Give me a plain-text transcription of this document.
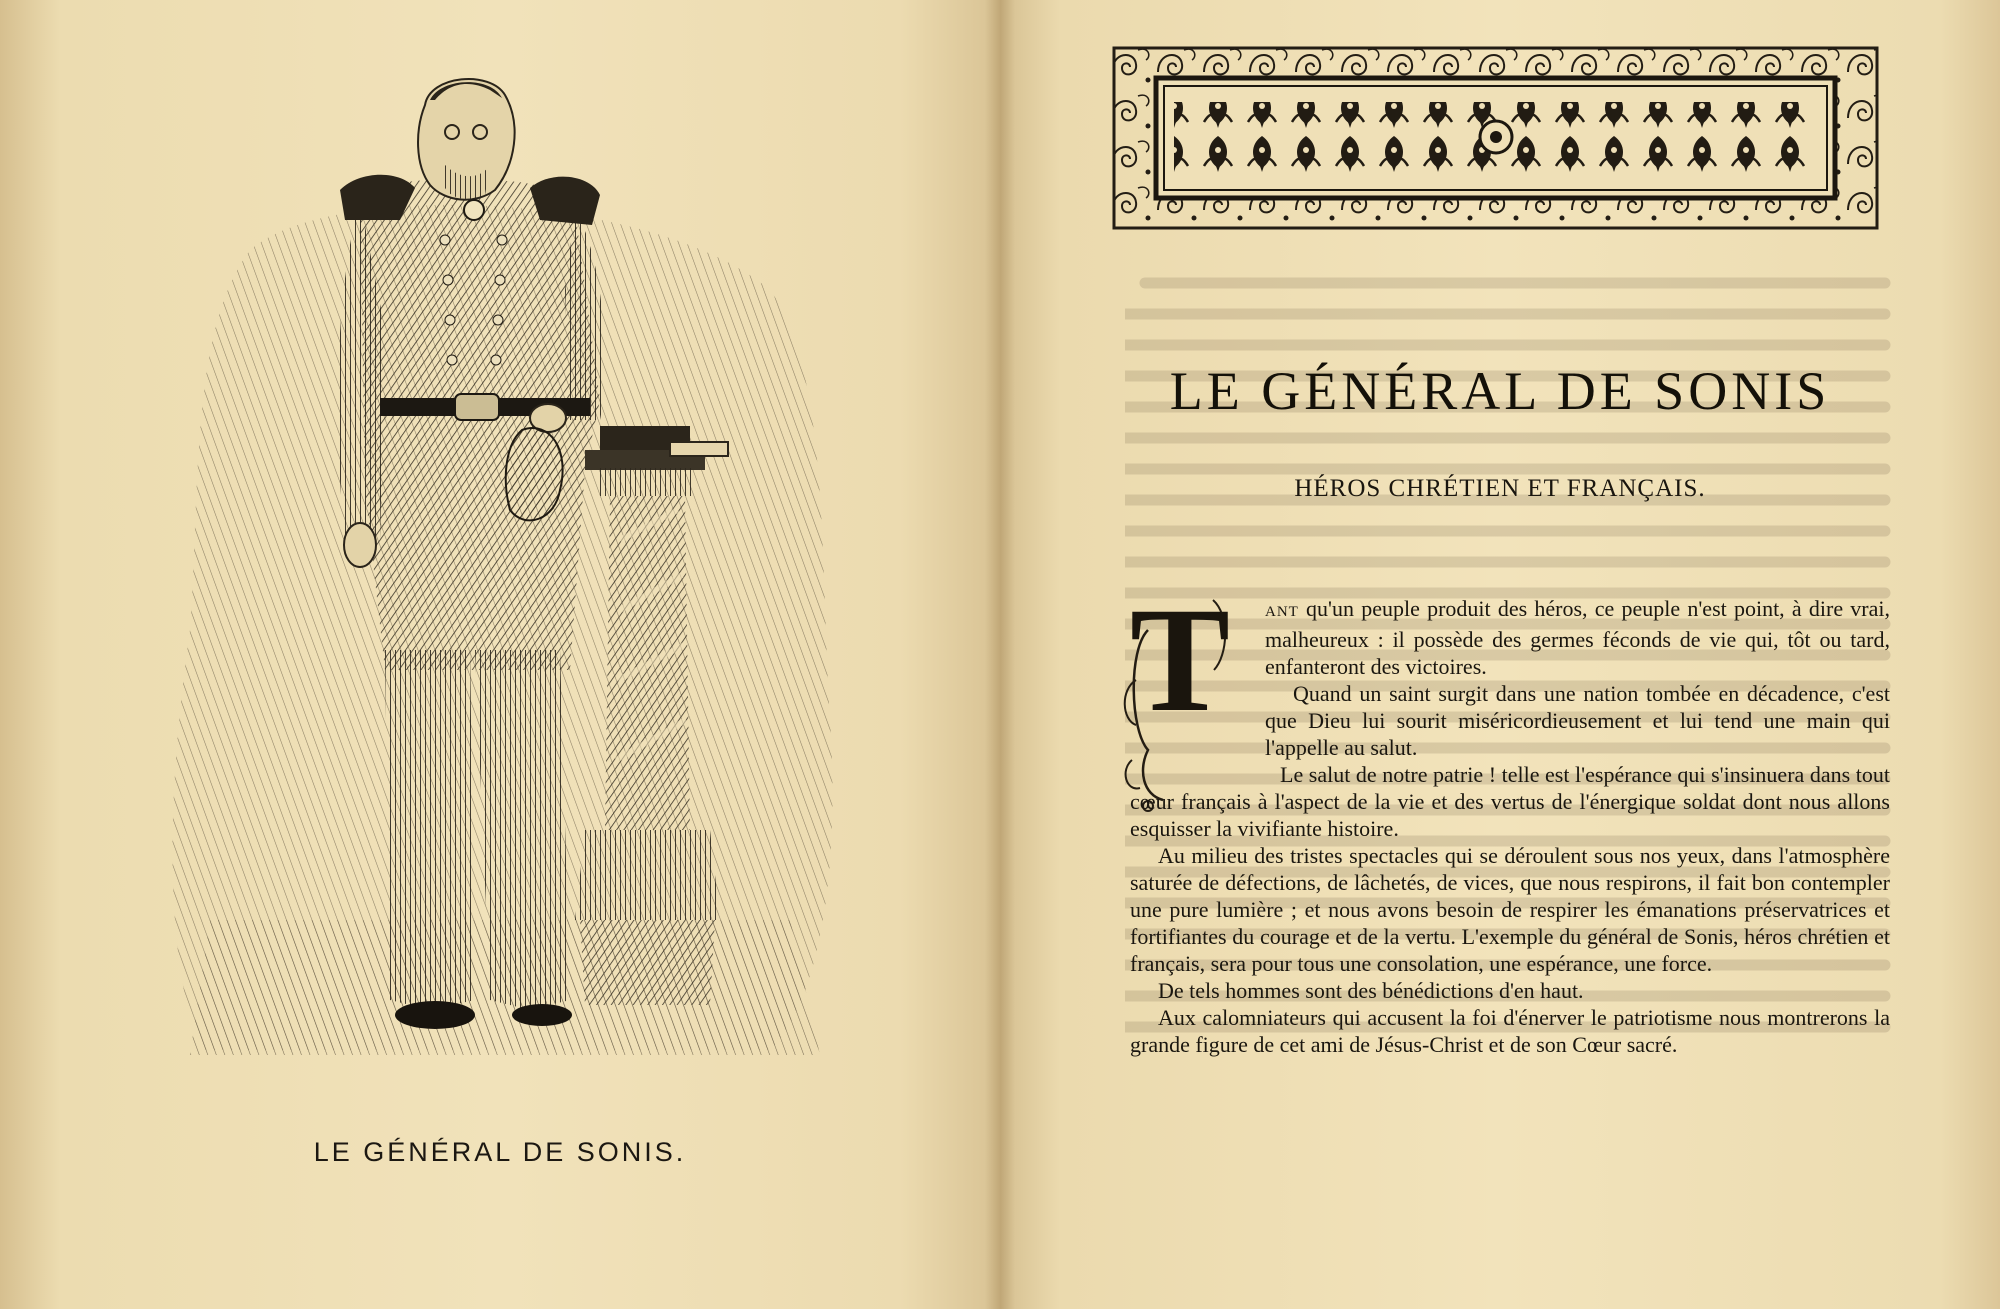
LE GÉNÉRAL DE SONIS.
LE GÉNÉRAL DE SONIS
HÉROS CHRÉTIEN ET FRANÇAIS.
T ANT qu'un peuple produit des héros, ce peuple n'est point, à dire vrai, malheureux : il possède des germes féconds de vie qui, tôt ou tard, enfanteront des victoires.

Quand un saint surgit dans une nation tombée en décadence, c'est que Dieu lui sourit miséricordieusement et lui tend une main qui l'appelle au salut.

Le salut de notre patrie ! telle est l'espérance qui s'insinuera dans tout cœur français à l'aspect de la vie et des vertus de l'énergique soldat dont nous allons esquisser la vivifiante histoire.

Au milieu des tristes spectacles qui se déroulent sous nos yeux, dans l'atmosphère saturée de défections, de lâchetés, de vices, que nous respirons, il fait bon contempler une pure lumière ; et nous avons besoin de respirer les émanations préservatrices et fortifiantes du courage et de la vertu. L'exemple du général de Sonis, héros chrétien et français, sera pour tous une consolation, une espérance, une force.

De tels hommes sont des bénédictions d'en haut.

Aux calomniateurs qui accusent la foi d'énerver le patriotisme nous montrerons la grande figure de cet ami de Jésus-Christ et de son Cœur sacré.
